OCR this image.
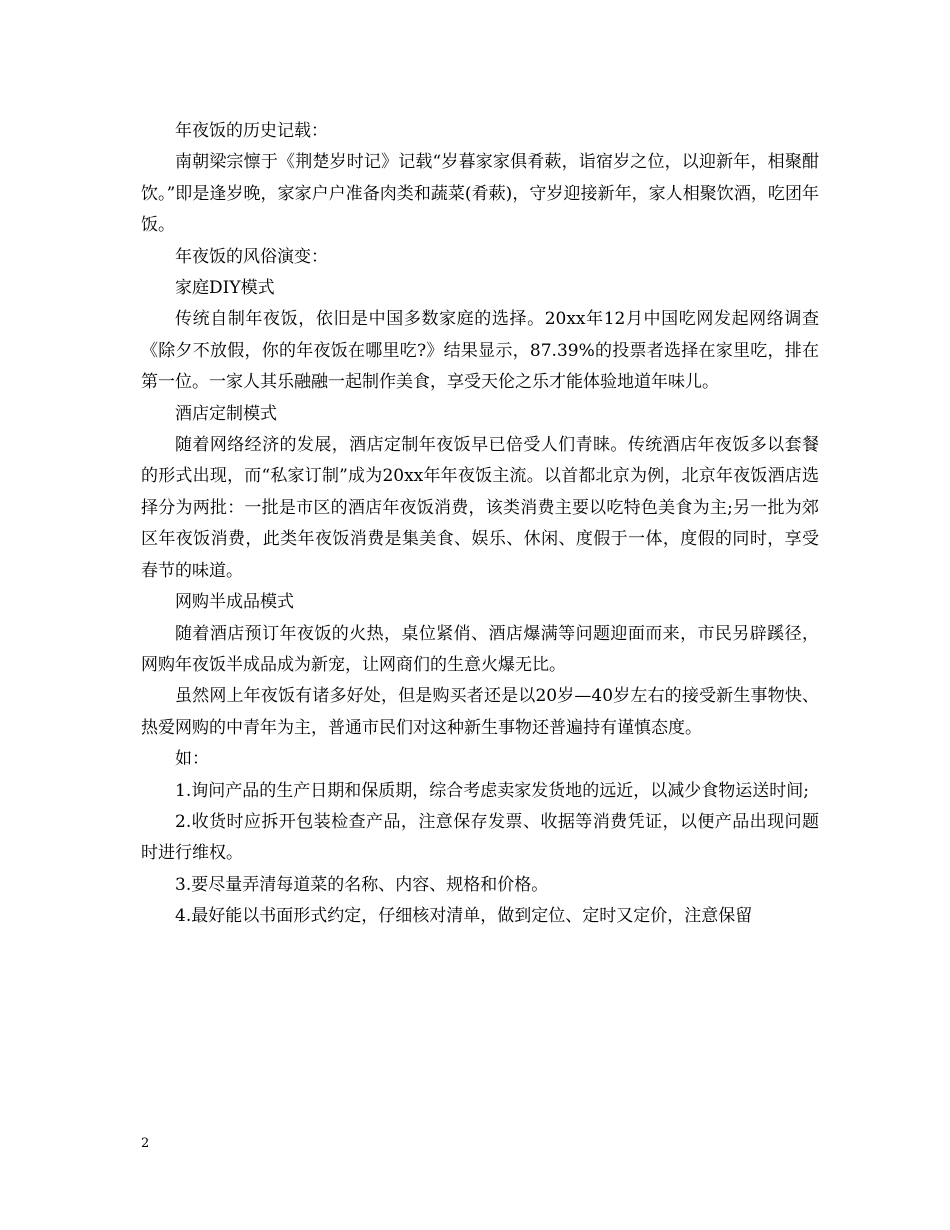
年夜饭的历史记载：

南朝梁宗懔于《荆楚岁时记》记载“岁暮家家俱肴蔌，诣宿岁之位，以迎新年，相聚酣饮。”即是逢岁晚，家家户户准备肉类和蔬菜(肴蔌)，守岁迎接新年，家人相聚饮酒，吃团年饭。

年夜饭的风俗演变：

家庭DIY模式

传统自制年夜饭，依旧是中国多数家庭的选择。20xx年12月中国吃网发起网络调查《除夕不放假，你的年夜饭在哪里吃?》结果显示，87.39%的投票者选择在家里吃，排在第一位。一家人其乐融融一起制作美食，享受天伦之乐才能体验地道年味儿。

酒店定制模式

随着网络经济的发展，酒店定制年夜饭早已倍受人们青睐。传统酒店年夜饭多以套餐的形式出现，而“私家订制”成为20xx年年夜饭主流。以首都北京为例，北京年夜饭酒店选择分为两批：一批是市区的酒店年夜饭消费，该类消费主要以吃特色美食为主;另一批为郊区年夜饭消费，此类年夜饭消费是集美食、娱乐、休闲、度假于一体，度假的同时，享受春节的味道。

网购半成品模式

随着酒店预订年夜饭的火热，桌位紧俏、酒店爆满等问题迎面而来，市民另辟蹊径，网购年夜饭半成品成为新宠，让网商们的生意火爆无比。

虽然网上年夜饭有诸多好处，但是购买者还是以20岁—40岁左右的接受新生事物快、热爱网购的中青年为主，普通市民们对这种新生事物还普遍持有谨慎态度。

如：

1.询问产品的生产日期和保质期，综合考虑卖家发货地的远近，以减少食物运送时间;

2.收货时应拆开包装检查产品，注意保存发票、收据等消费凭证，以便产品出现问题时进行维权。

3.要尽量弄清每道菜的名称、内容、规格和价格。

4.最好能以书面形式约定，仔细核对清单，做到定位、定时又定价，注意保留

2
